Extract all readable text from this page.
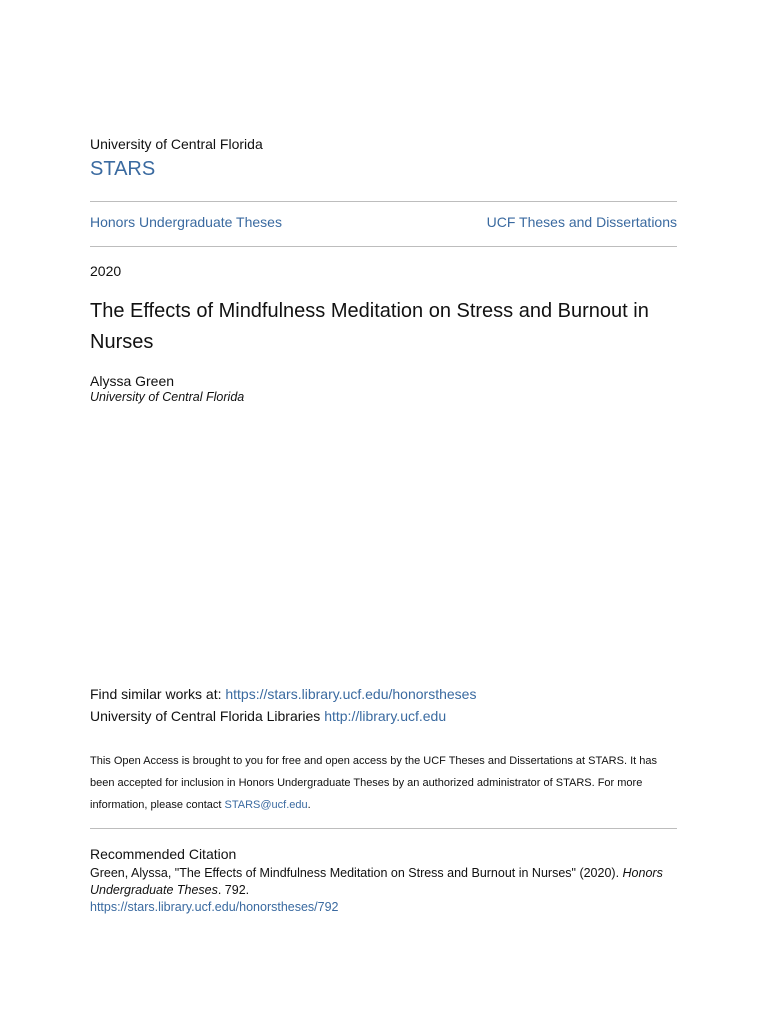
University of Central Florida
STARS
Honors Undergraduate Theses	UCF Theses and Dissertations
2020
The Effects of Mindfulness Meditation on Stress and Burnout in Nurses
Alyssa Green
University of Central Florida
Find similar works at: https://stars.library.ucf.edu/honorstheses
University of Central Florida Libraries http://library.ucf.edu
This Open Access is brought to you for free and open access by the UCF Theses and Dissertations at STARS. It has been accepted for inclusion in Honors Undergraduate Theses by an authorized administrator of STARS. For more information, please contact STARS@ucf.edu.
Recommended Citation
Green, Alyssa, "The Effects of Mindfulness Meditation on Stress and Burnout in Nurses" (2020). Honors Undergraduate Theses. 792.
https://stars.library.ucf.edu/honorstheses/792
